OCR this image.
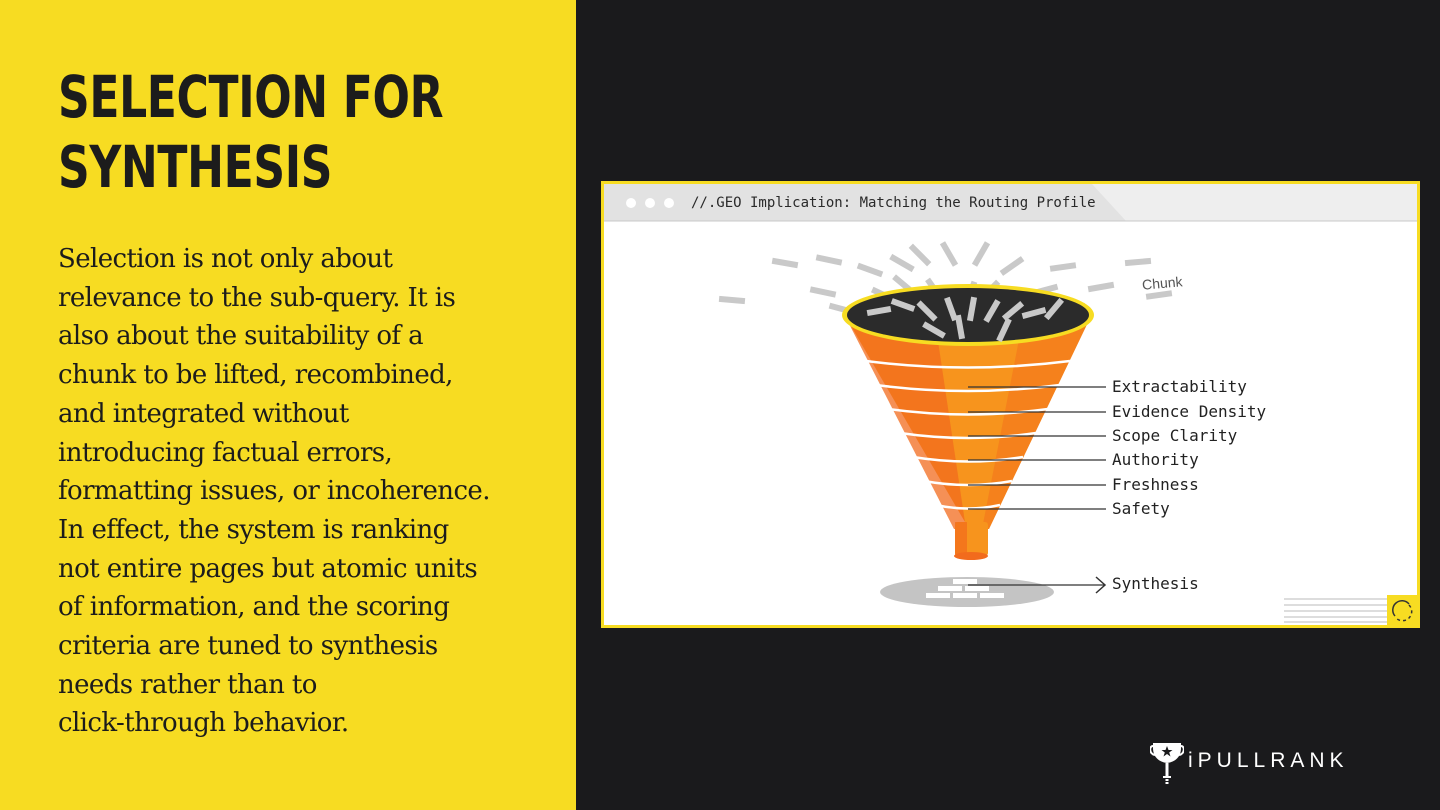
SELECTION FOR
SYNTHESIS
Selection is not only about
relevance to the sub-query. It is
also about the suitability of a
chunk to be lifted, recombined,
and integrated without
introducing factual errors,
formatting issues, or incoherence.
In effect, the system is ranking
not entire pages but atomic units
of information, and the scoring
criteria are tuned to synthesis
needs rather than to
click-through behavior.
//.GEO Implication: Matching the Routing Profile
Chunk
Extractability
Evidence Density
Scope Clarity
Authority
Freshness
Safety
Synthesis
iPULLRANK
